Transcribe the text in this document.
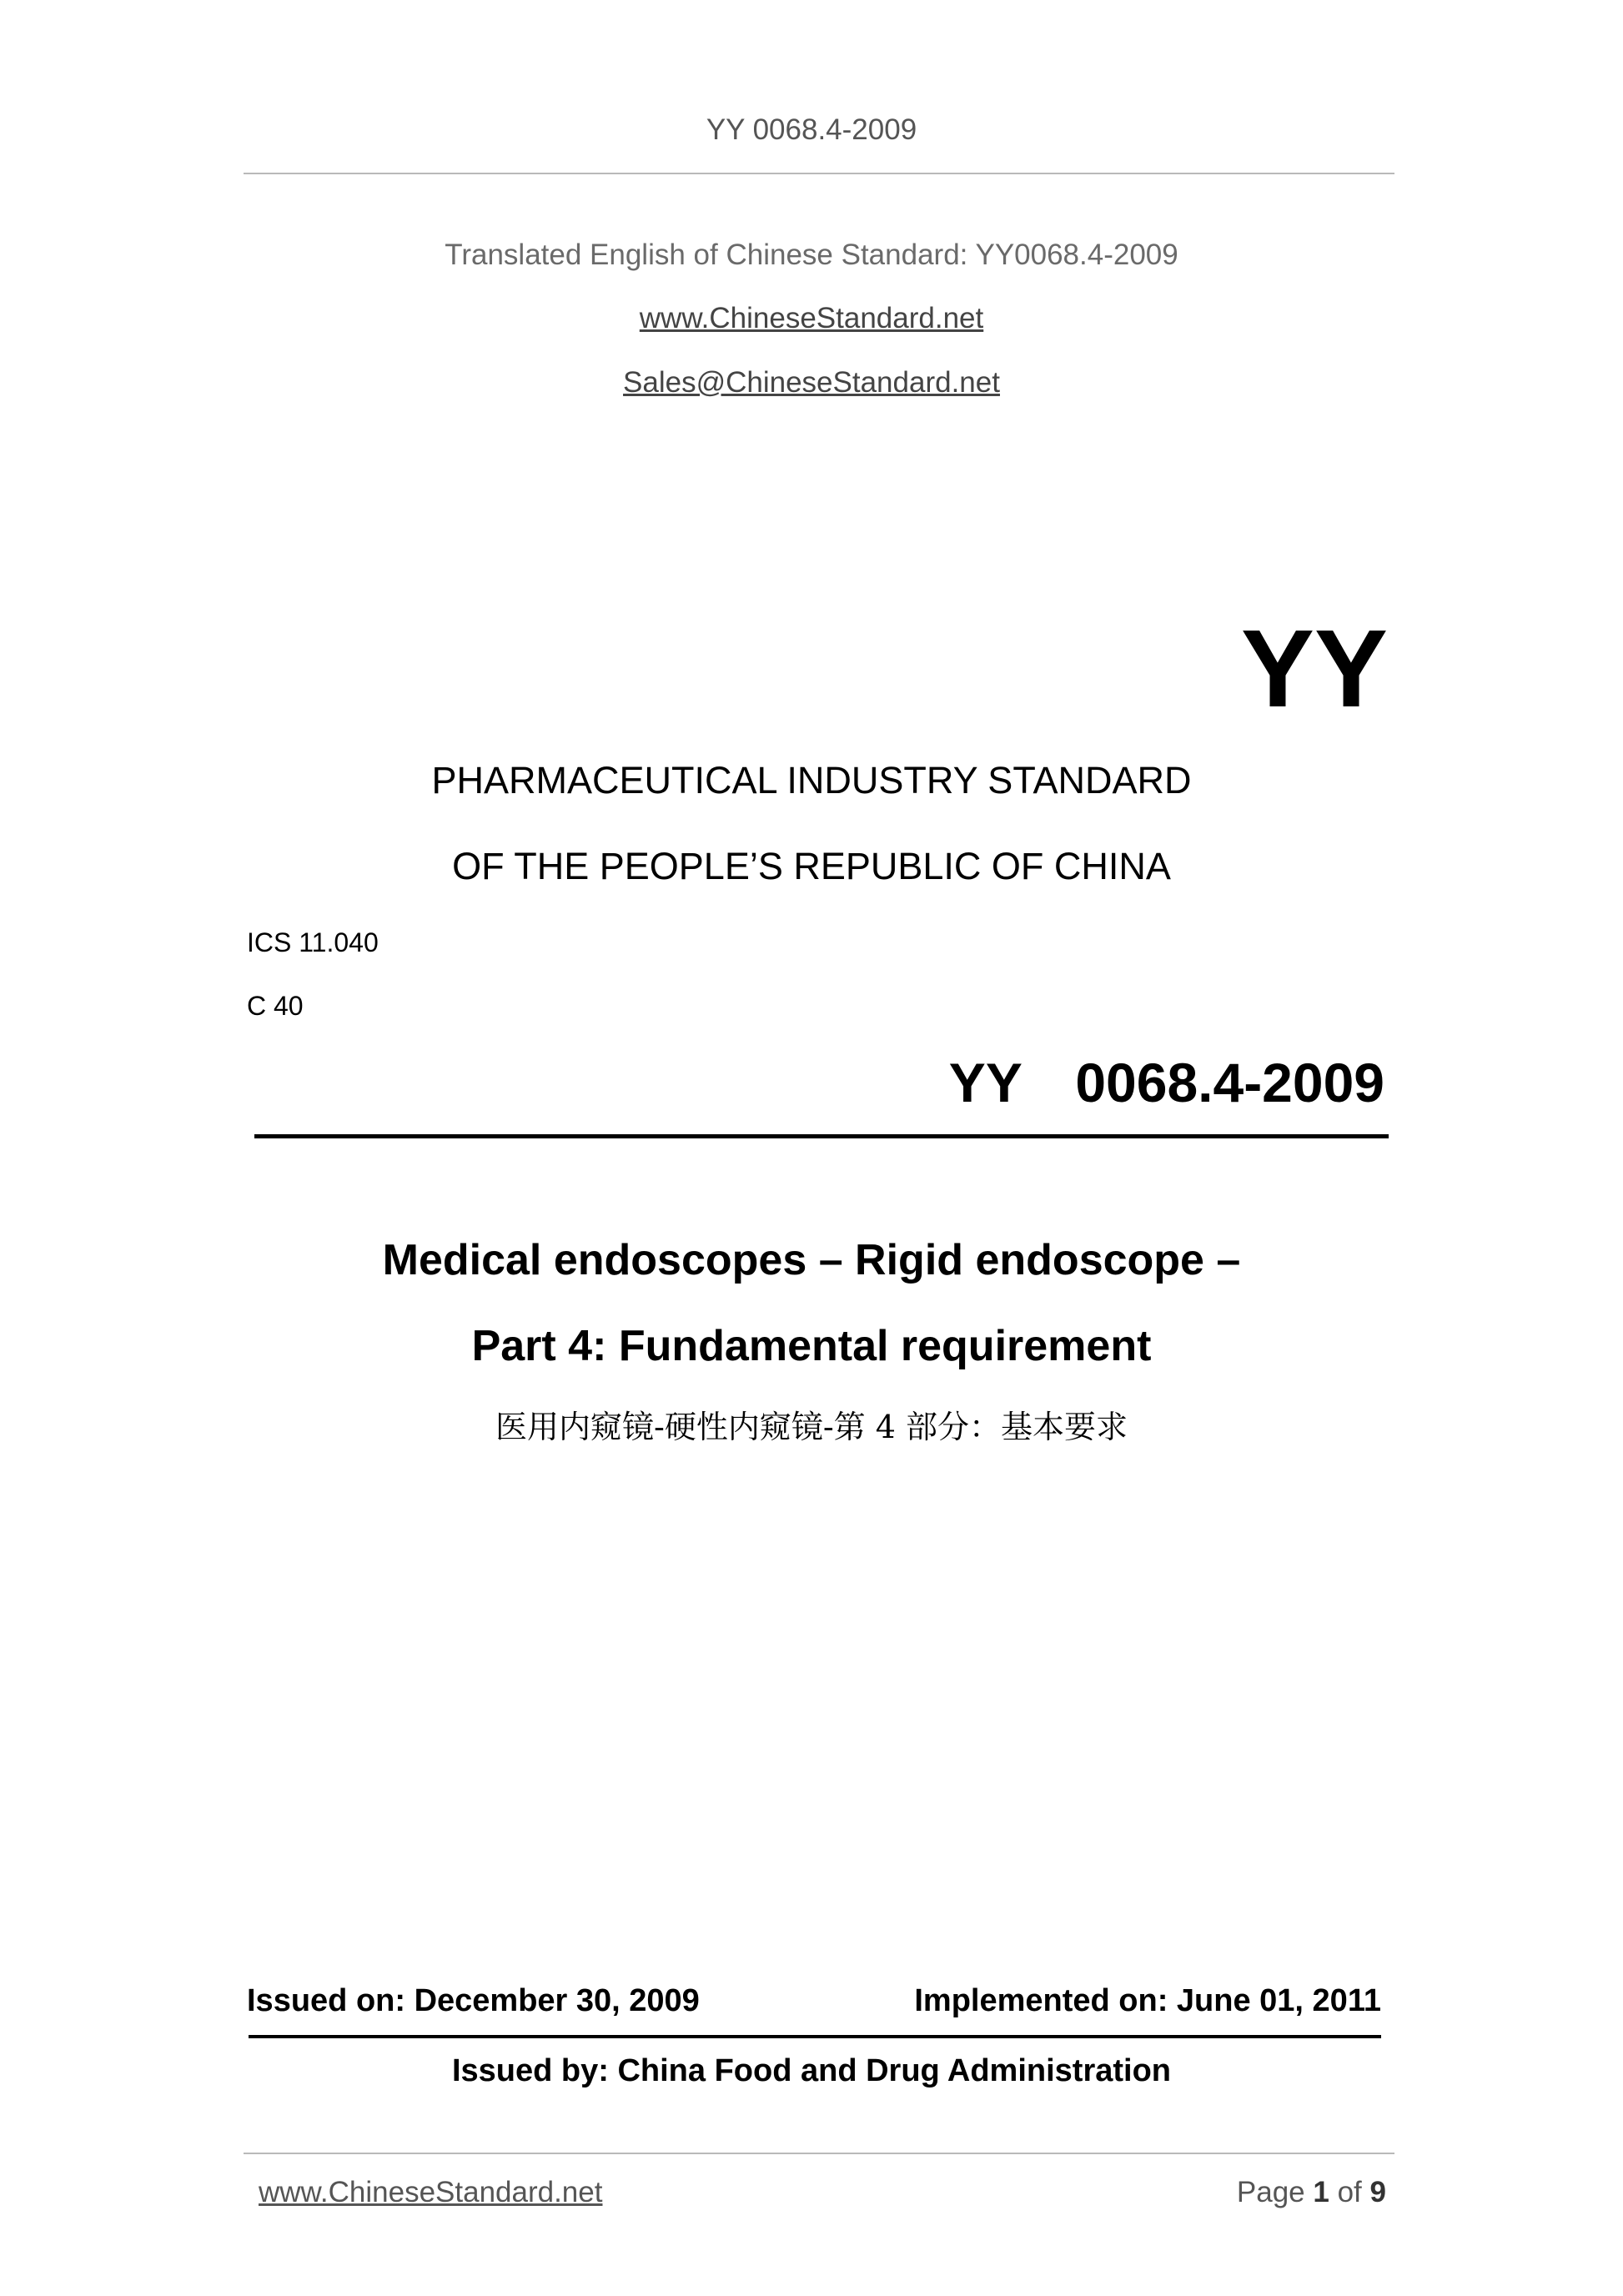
YY 0068.4-2009
Translated English of Chinese Standard: YY0068.4-2009
www.ChineseStandard.net
Sales@ChineseStandard.net
YY
PHARMACEUTICAL INDUSTRY STANDARD
OF THE PEOPLE’S REPUBLIC OF CHINA
ICS 11.040
C 40
YY  0068.4-2009
Medical endoscopes – Rigid endoscope –
Part 4: Fundamental requirement
医用内窥镜-硬性内窥镜-第 4 部分：基本要求
Issued on: December 30, 2009	Implemented on: June 01, 2011
Issued by: China Food and Drug Administration
www.ChineseStandard.net	Page 1 of 9
